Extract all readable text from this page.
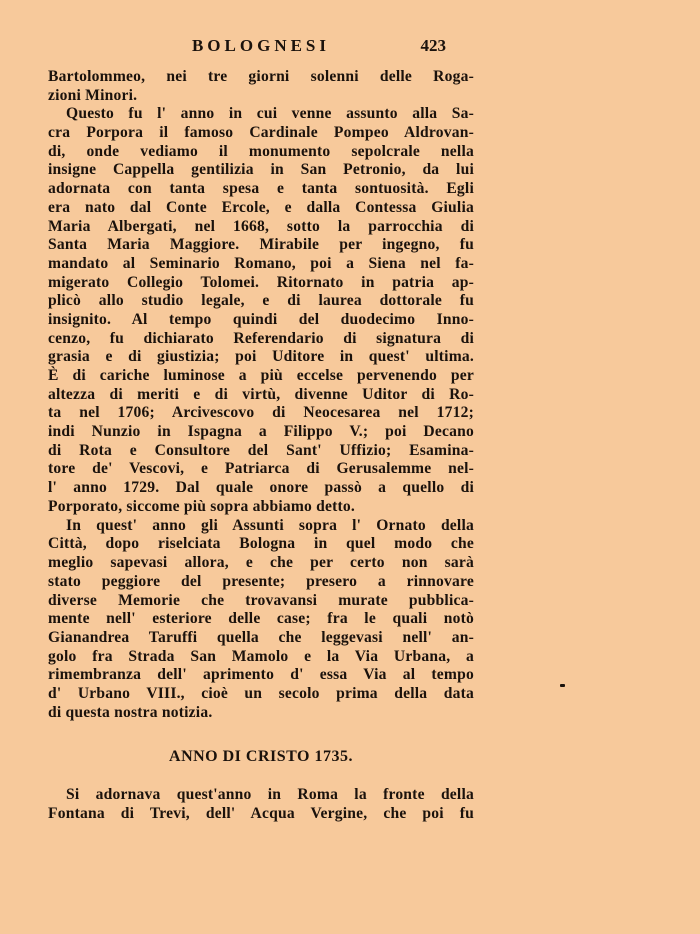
BOLOGNESI	423
Bartolommeo, nei tre giorni solenni delle Roga-
zioni Minori.
Questo fu l' anno in cui venne assunto alla Sa-
cra Porpora il famoso Cardinale Pompeo Aldrovan-
di, onde vediamo il monumento sepolcrale nella
insigne Cappella gentilizia in San Petronio, da lui
adornata con tanta spesa e tanta sontuosità. Egli
era nato dal Conte Ercole, e dalla Contessa Giulia
Maria Albergati, nel 1668, sotto la parrocchia di
Santa Maria Maggiore. Mirabile per ingegno, fu
mandato al Seminario Romano, poi a Siena nel fa-
migerato Collegio Tolomei. Ritornato in patria ap-
plicò allo studio legale, e di laurea dottorale fu
insignito. Al tempo quindi del duodecimo Inno-
cenzo, fu dichiarato Referendario di signatura di
grasia e di giustizia; poi Uditore in quest' ultima.
È di cariche luminose a più eccelse pervenendo per
altezza di meriti e di virtù, divenne Uditor di Ro-
ta nel 1706; Arcivescovo di Neocesarea nel 1712;
indi Nunzio in Ispagna a Filippo V.; poi Decano
di Rota e Consultore del Sant' Uffizio; Esamina-
tore de' Vescovi, e Patriarca di Gerusalemme nel-
l' anno 1729. Dal quale onore passò a quello di
Porporato, siccome più sopra abbiamo detto.
In quest' anno gli Assunti sopra l' Ornato della
Città, dopo riselciata Bologna in quel modo che
meglio sapevasi allora, e che per certo non sarà
stato peggiore del presente; presero a rinnovare
diverse Memorie che trovavansi murate pubblica-
mente nell' esteriore delle case; fra le quali notò
Gianandrea Taruffi quella che leggevasi nell' an-
golo fra Strada San Mamolo e la Via Urbana, a
rimembranza dell' aprimento d' essa Via al tempo
d' Urbano VIII., cioè un secolo prima della data
di questa nostra notizia.
ANNO DI CRISTO 1735.
Si adornava quest'anno in Roma la fronte della
Fontana di Trevi, dell' Acqua Vergine, che poi fu
